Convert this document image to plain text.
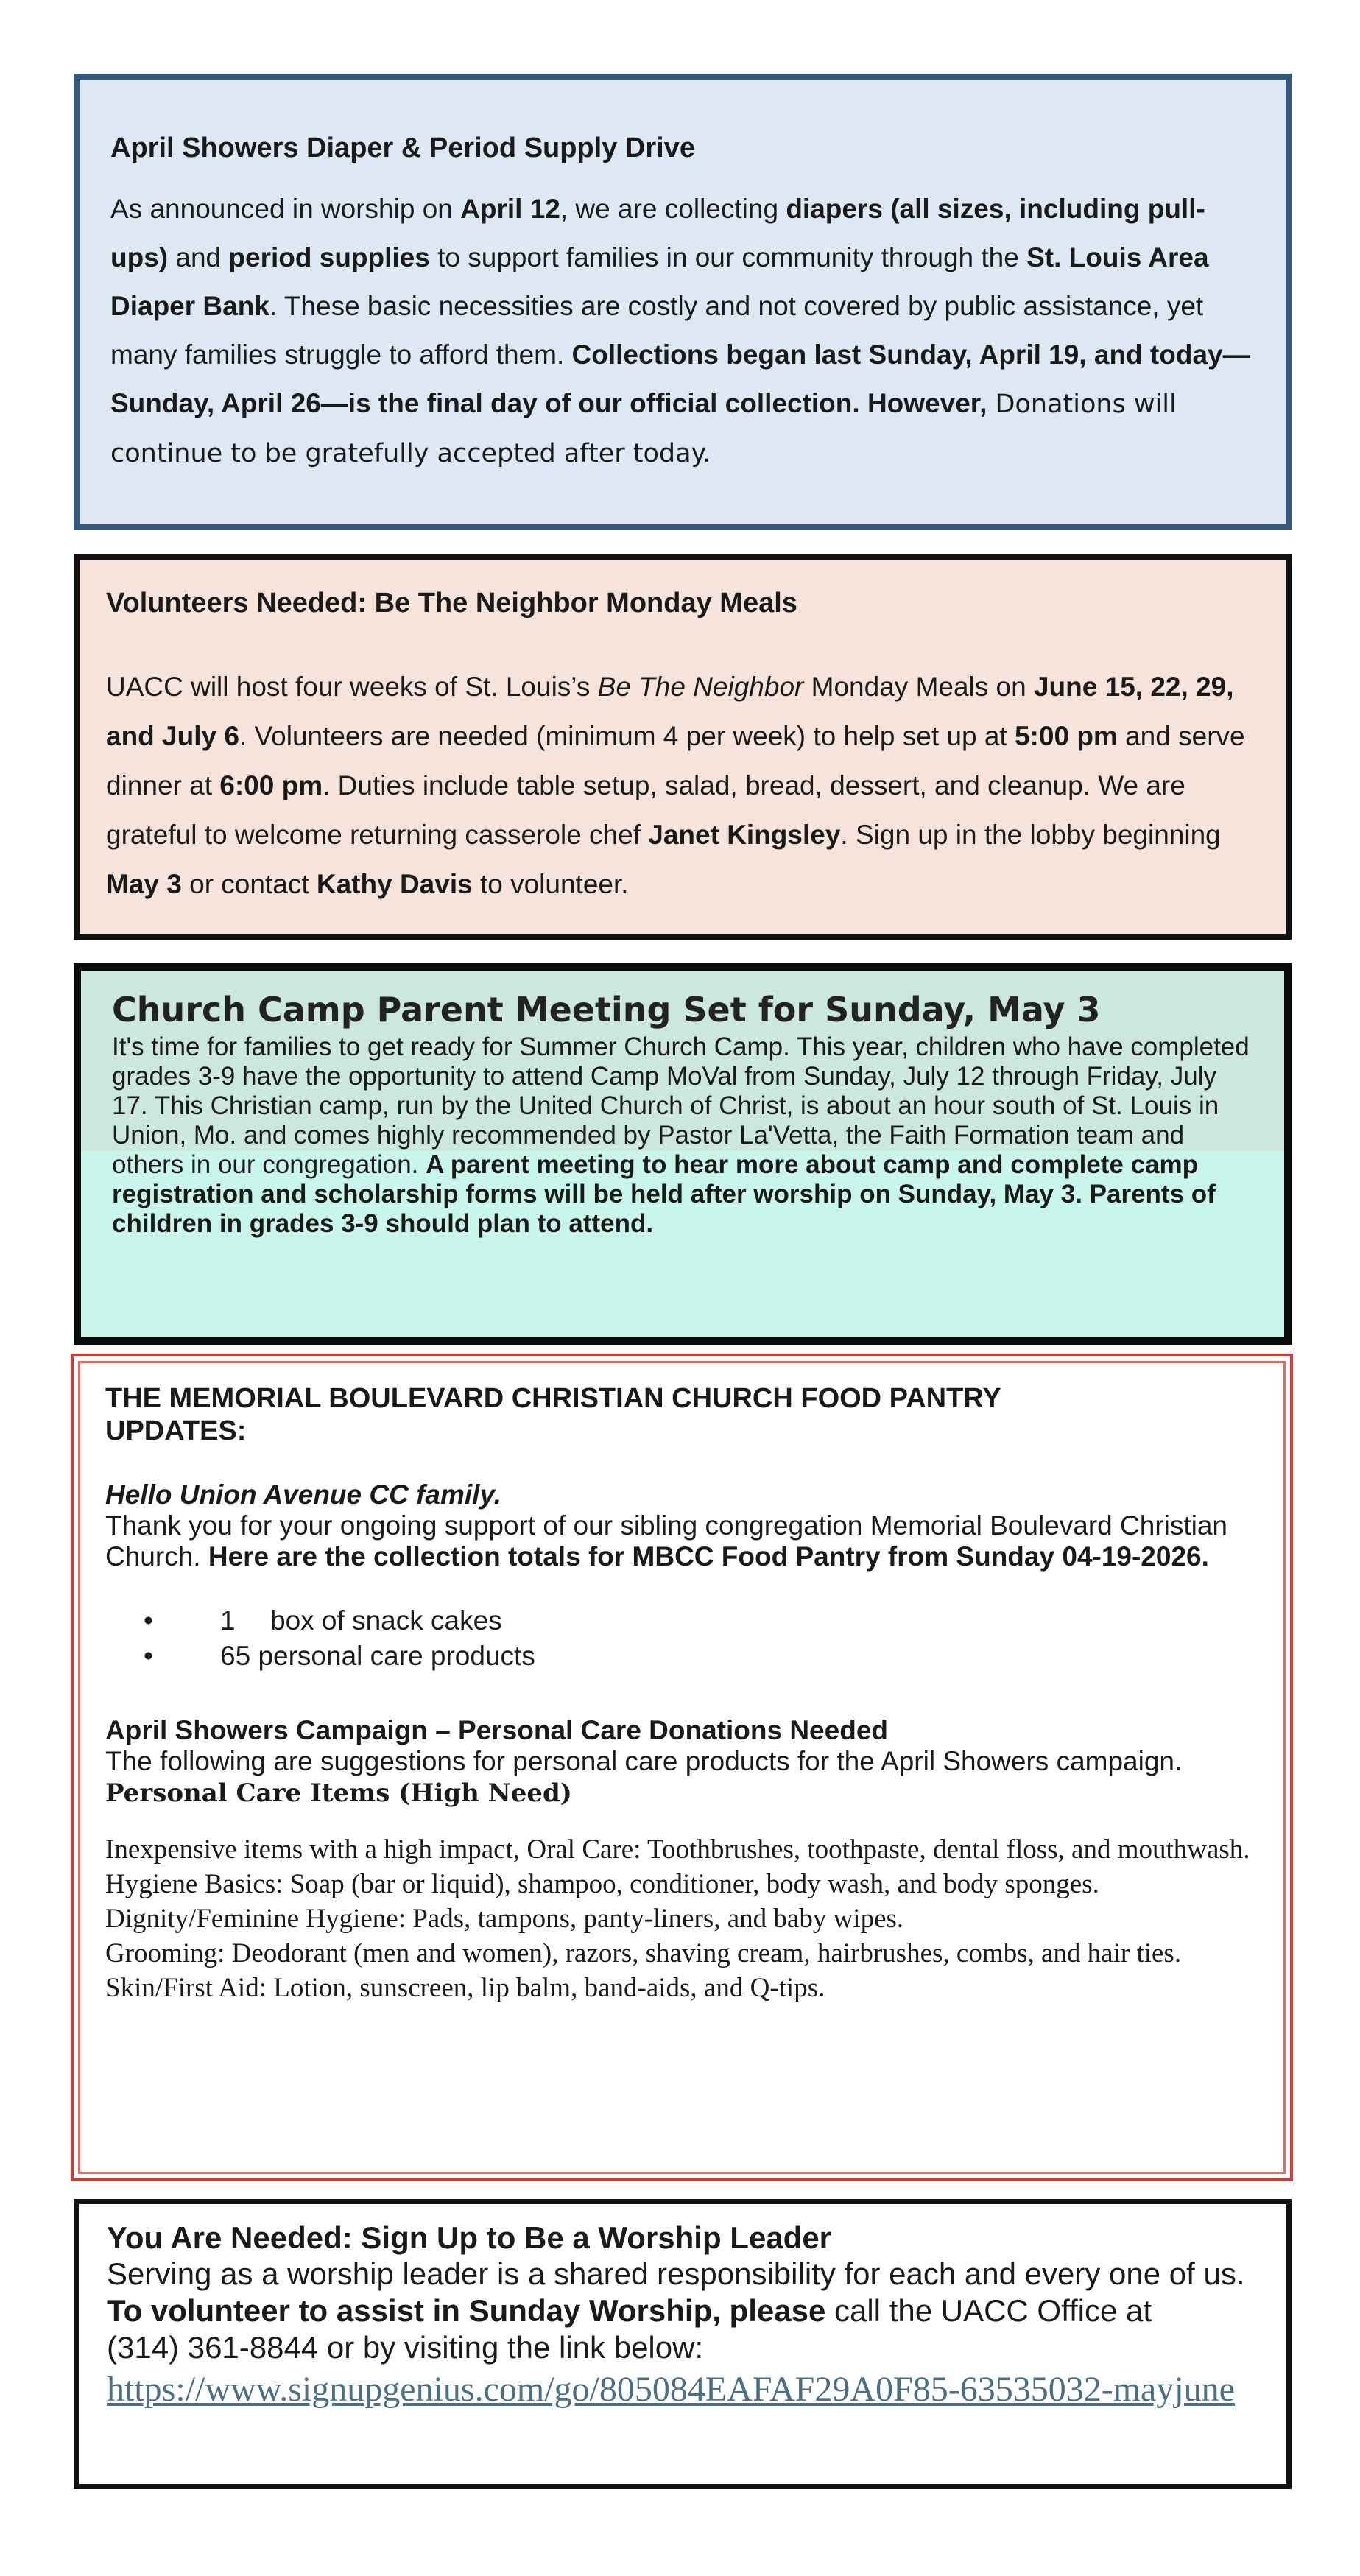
April Showers Diaper & Period Supply Drive

As announced in worship on April 12, we are collecting diapers (all sizes, including pull-ups) and period supplies to support families in our community through the St. Louis Area Diaper Bank. These basic necessities are costly and not covered by public assistance, yet many families struggle to afford them. Collections began last Sunday, April 19, and today—Sunday, April 26—is the final day of our official collection. However, Donations will continue to be gratefully accepted after today.

Volunteers Needed: Be The Neighbor Monday Meals

UACC will host four weeks of St. Louis’s Be The Neighbor Monday Meals on June 15, 22, 29, and July 6. Volunteers are needed (minimum 4 per week) to help set up at 5:00 pm and serve dinner at 6:00 pm. Duties include table setup, salad, bread, dessert, and cleanup. We are grateful to welcome returning casserole chef Janet Kingsley. Sign up in the lobby beginning May 3 or contact Kathy Davis to volunteer.

Church Camp Parent Meeting Set for Sunday, May 3

It's time for families to get ready for Summer Church Camp. This year, children who have completed grades 3-9 have the opportunity to attend Camp MoVal from Sunday, July 12 through Friday, July 17. This Christian camp, run by the United Church of Christ, is about an hour south of St. Louis in Union, Mo. and comes highly recommended by Pastor La'Vetta, the Faith Formation team and others in our congregation. A parent meeting to hear more about camp and complete camp registration and scholarship forms will be held after worship on Sunday, May 3. Parents of children in grades 3-9 should plan to attend.

THE MEMORIAL BOULEVARD CHRISTIAN CHURCH FOOD PANTRY UPDATES:

Hello Union Avenue CC family.

Thank you for your ongoing support of our sibling congregation Memorial Boulevard Christian Church. Here are the collection totals for MBCC Food Pantry from Sunday 04-19-2026.

•	1 box of snack cakes
•	65 personal care products

April Showers Campaign – Personal Care Donations Needed

The following are suggestions for personal care products for the April Showers campaign. Personal Care Items (High Need)

Inexpensive items with a high impact, Oral Care: Toothbrushes, toothpaste, dental floss, and mouthwash.

Hygiene Basics: Soap (bar or liquid), shampoo, conditioner, body wash, and body sponges.

Dignity/Feminine Hygiene: Pads, tampons, panty-liners, and baby wipes.

Grooming: Deodorant (men and women), razors, shaving cream, hairbrushes, combs, and hair ties.

Skin/First Aid: Lotion, sunscreen, lip balm, band-aids, and Q-tips.

You Are Needed: Sign Up to Be a Worship Leader

Serving as a worship leader is a shared responsibility for each and every one of us. To volunteer to assist in Sunday Worship, please call the UACC Office at(314) 361-8844 or by visiting the link below:

https://www.signupgenius.com/go/805084EAFAF29A0F85-63535032-mayjune
